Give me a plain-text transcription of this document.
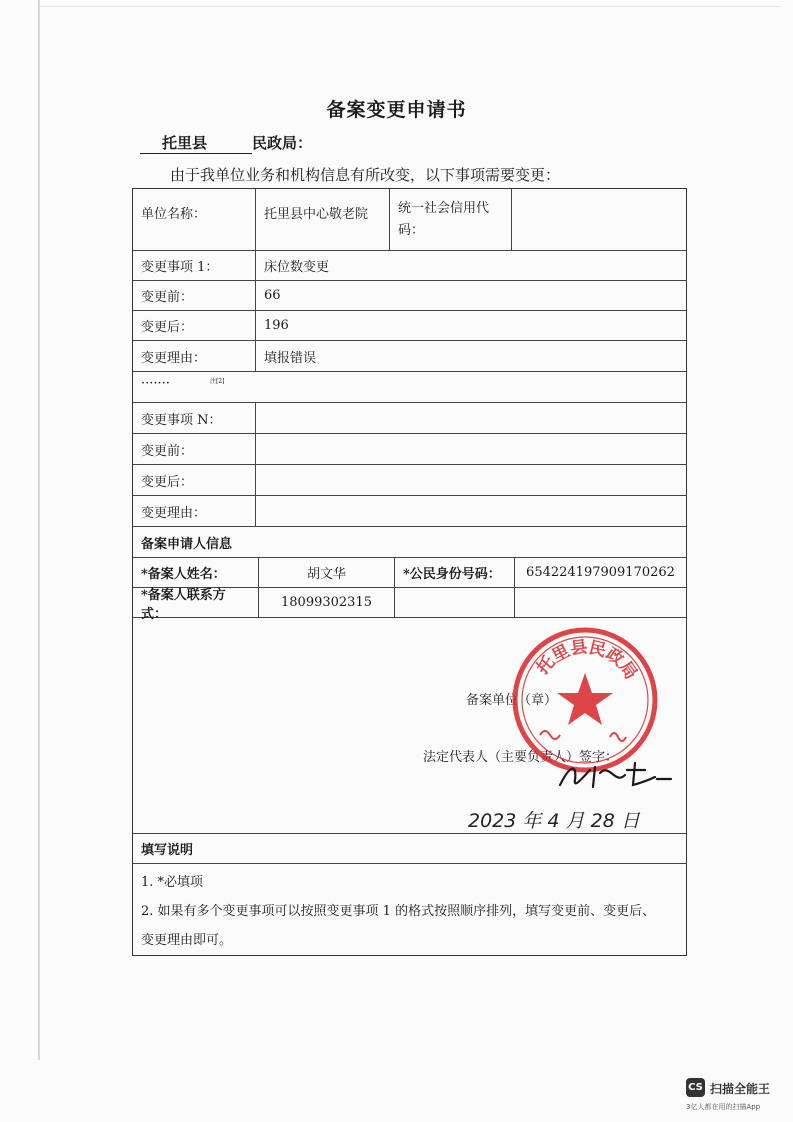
备案变更申请书
托里县	民政局：
由于我单位业务和机构信息有所改变，以下事项需要变更：
单位名称：	托里县中心敬老院	统一社会信用代
码：
变更事项 1：	床位数变更
变更前：	66
变更后：	196
变更理由：	填报错误
·······	注[2]
变更事项 N：
变更前：
变更后：
变更理由：
备案申请人信息
*备案人姓名：	胡文华	*公民身份号码：	654224197909170262
*备案人联系方式：
18099302315
备案单位 （章）
法定代表人（主要负责人）签字：
填写说明
1. *必填项
2. 如果有多个变更事项可以按照变更事项 1 的格式按照顺序排列，填写变更前、变更后、
变更理由即可。
托里县民政局
2023 年 4 月 28 日
CS 扫描全能王
3亿人都在用的扫描App
